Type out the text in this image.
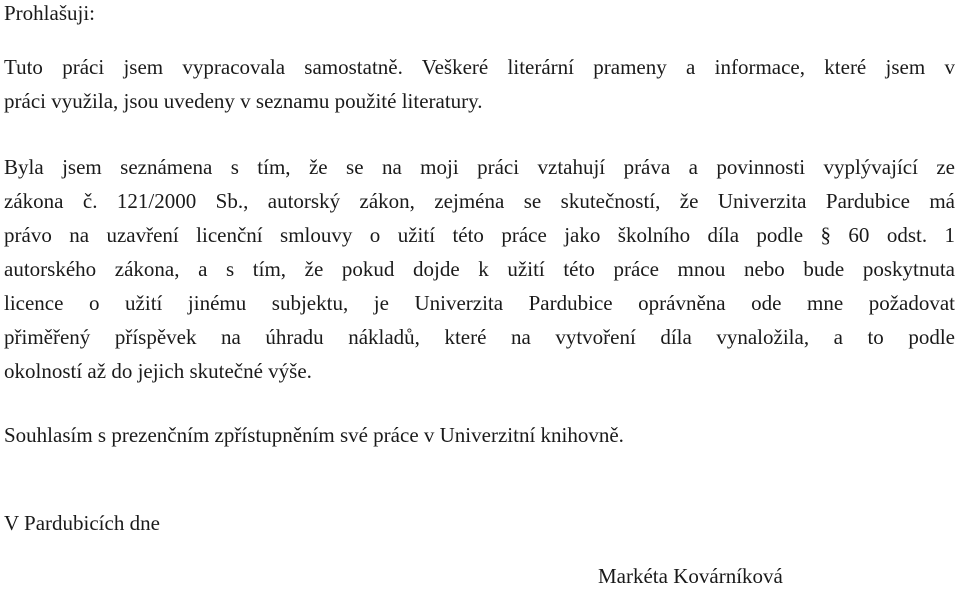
Prohlašuji:

Tuto práci jsem vypracovala samostatně. Veškeré literární prameny a informace, které jsem v

práci využila, jsou uvedeny v seznamu použité literatury.

Byla jsem seznámena s tím, že se na moji práci vztahují práva a povinnosti vyplývající ze

zákona č. 121/2000 Sb., autorský zákon, zejména se skutečností, že Univerzita Pardubice má

právo na uzavření licenční smlouvy o užití této práce jako školního díla podle § 60 odst. 1

autorského zákona, a s tím, že pokud dojde k užití této práce mnou nebo bude poskytnuta

licence o užití jinému subjektu, je Univerzita Pardubice oprávněna ode mne požadovat

přiměřený příspěvek na úhradu nákladů, které na vytvoření díla vynaložila, a to podle

okolností až do jejich skutečné výše.

Souhlasím s prezenčním zpřístupněním své práce v Univerzitní knihovně.

V Pardubicích dne

Markéta Kovárníková
